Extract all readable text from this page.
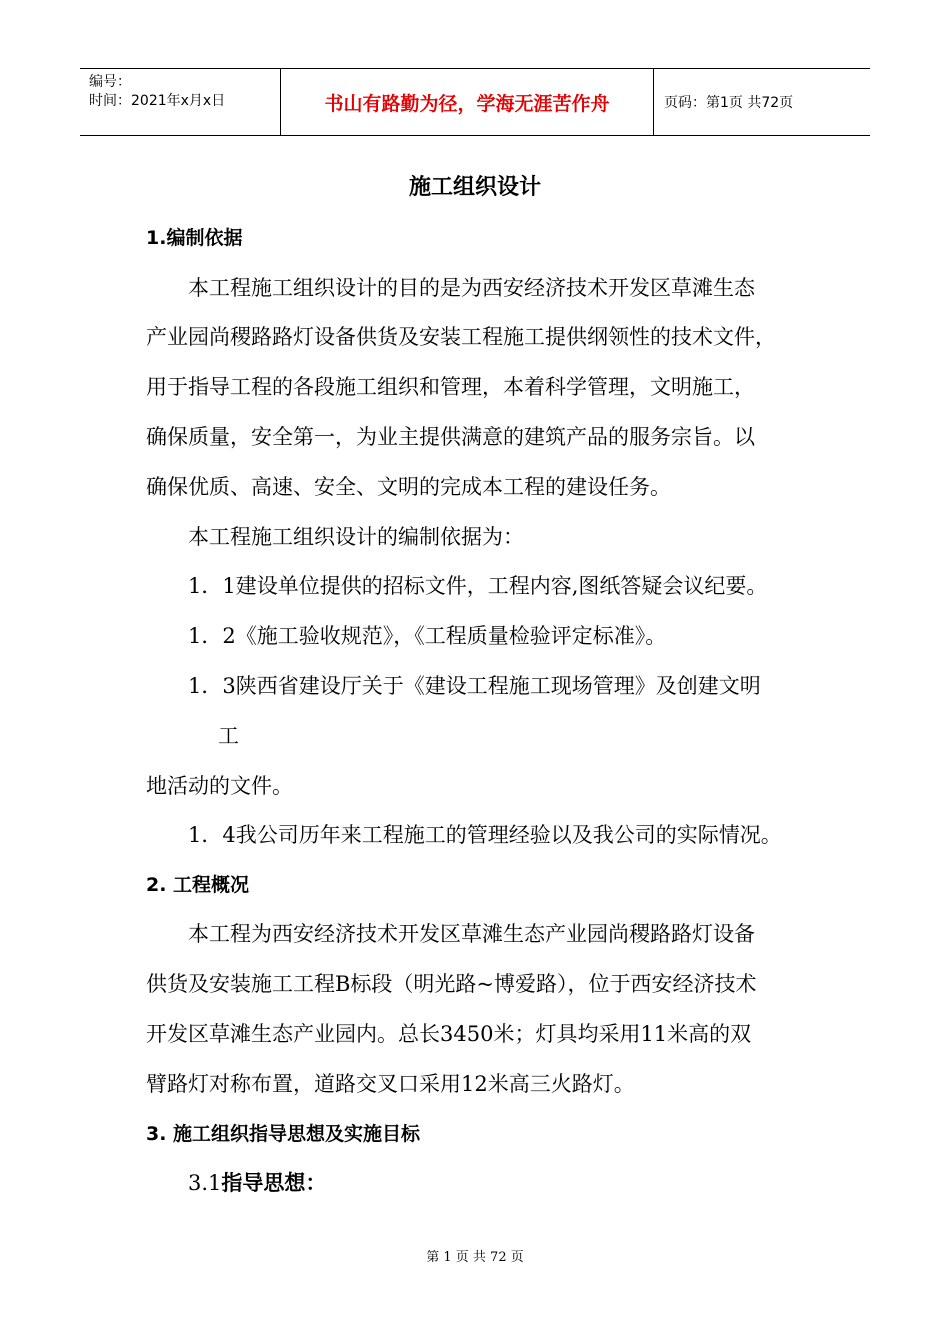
编号：
时间：2021年x月x日	书山有路勤为径，学海无涯苦作舟	页码：第1页 共72页
施工组织设计
1.编制依据
本工程施工组织设计的目的是为西安经济技术开发区草滩生态
产业园尚稷路路灯设备供货及安装工程施工提供纲领性的技术文件，
用于指导工程的各段施工组织和管理，本着科学管理，文明施工，
确保质量，安全第一，为业主提供满意的建筑产品的服务宗旨。以
确保优质、高速、安全、文明的完成本工程的建设任务。
本工程施工组织设计的编制依据为：
1．1建设单位提供的招标文件，工程内容,图纸答疑会议纪要。
1．2《施工验收规范》，《工程质量检验评定标准》。
1．3陕西省建设厅关于《建设工程施工现场管理》及创建文明
工
地活动的文件。
1．4我公司历年来工程施工的管理经验以及我公司的实际情况。
2. 工程概况
本工程为西安经济技术开发区草滩生态产业园尚稷路路灯设备
供货及安装施工工程B标段（明光路~博爱路），位于西安经济技术
开发区草滩生态产业园内。总长3450米；灯具均采用11米高的双
臂路灯对称布置，道路交叉口采用12米高三火路灯。
3. 施工组织指导思想及实施目标
3.1指导思想：
第 1 页 共 72 页
